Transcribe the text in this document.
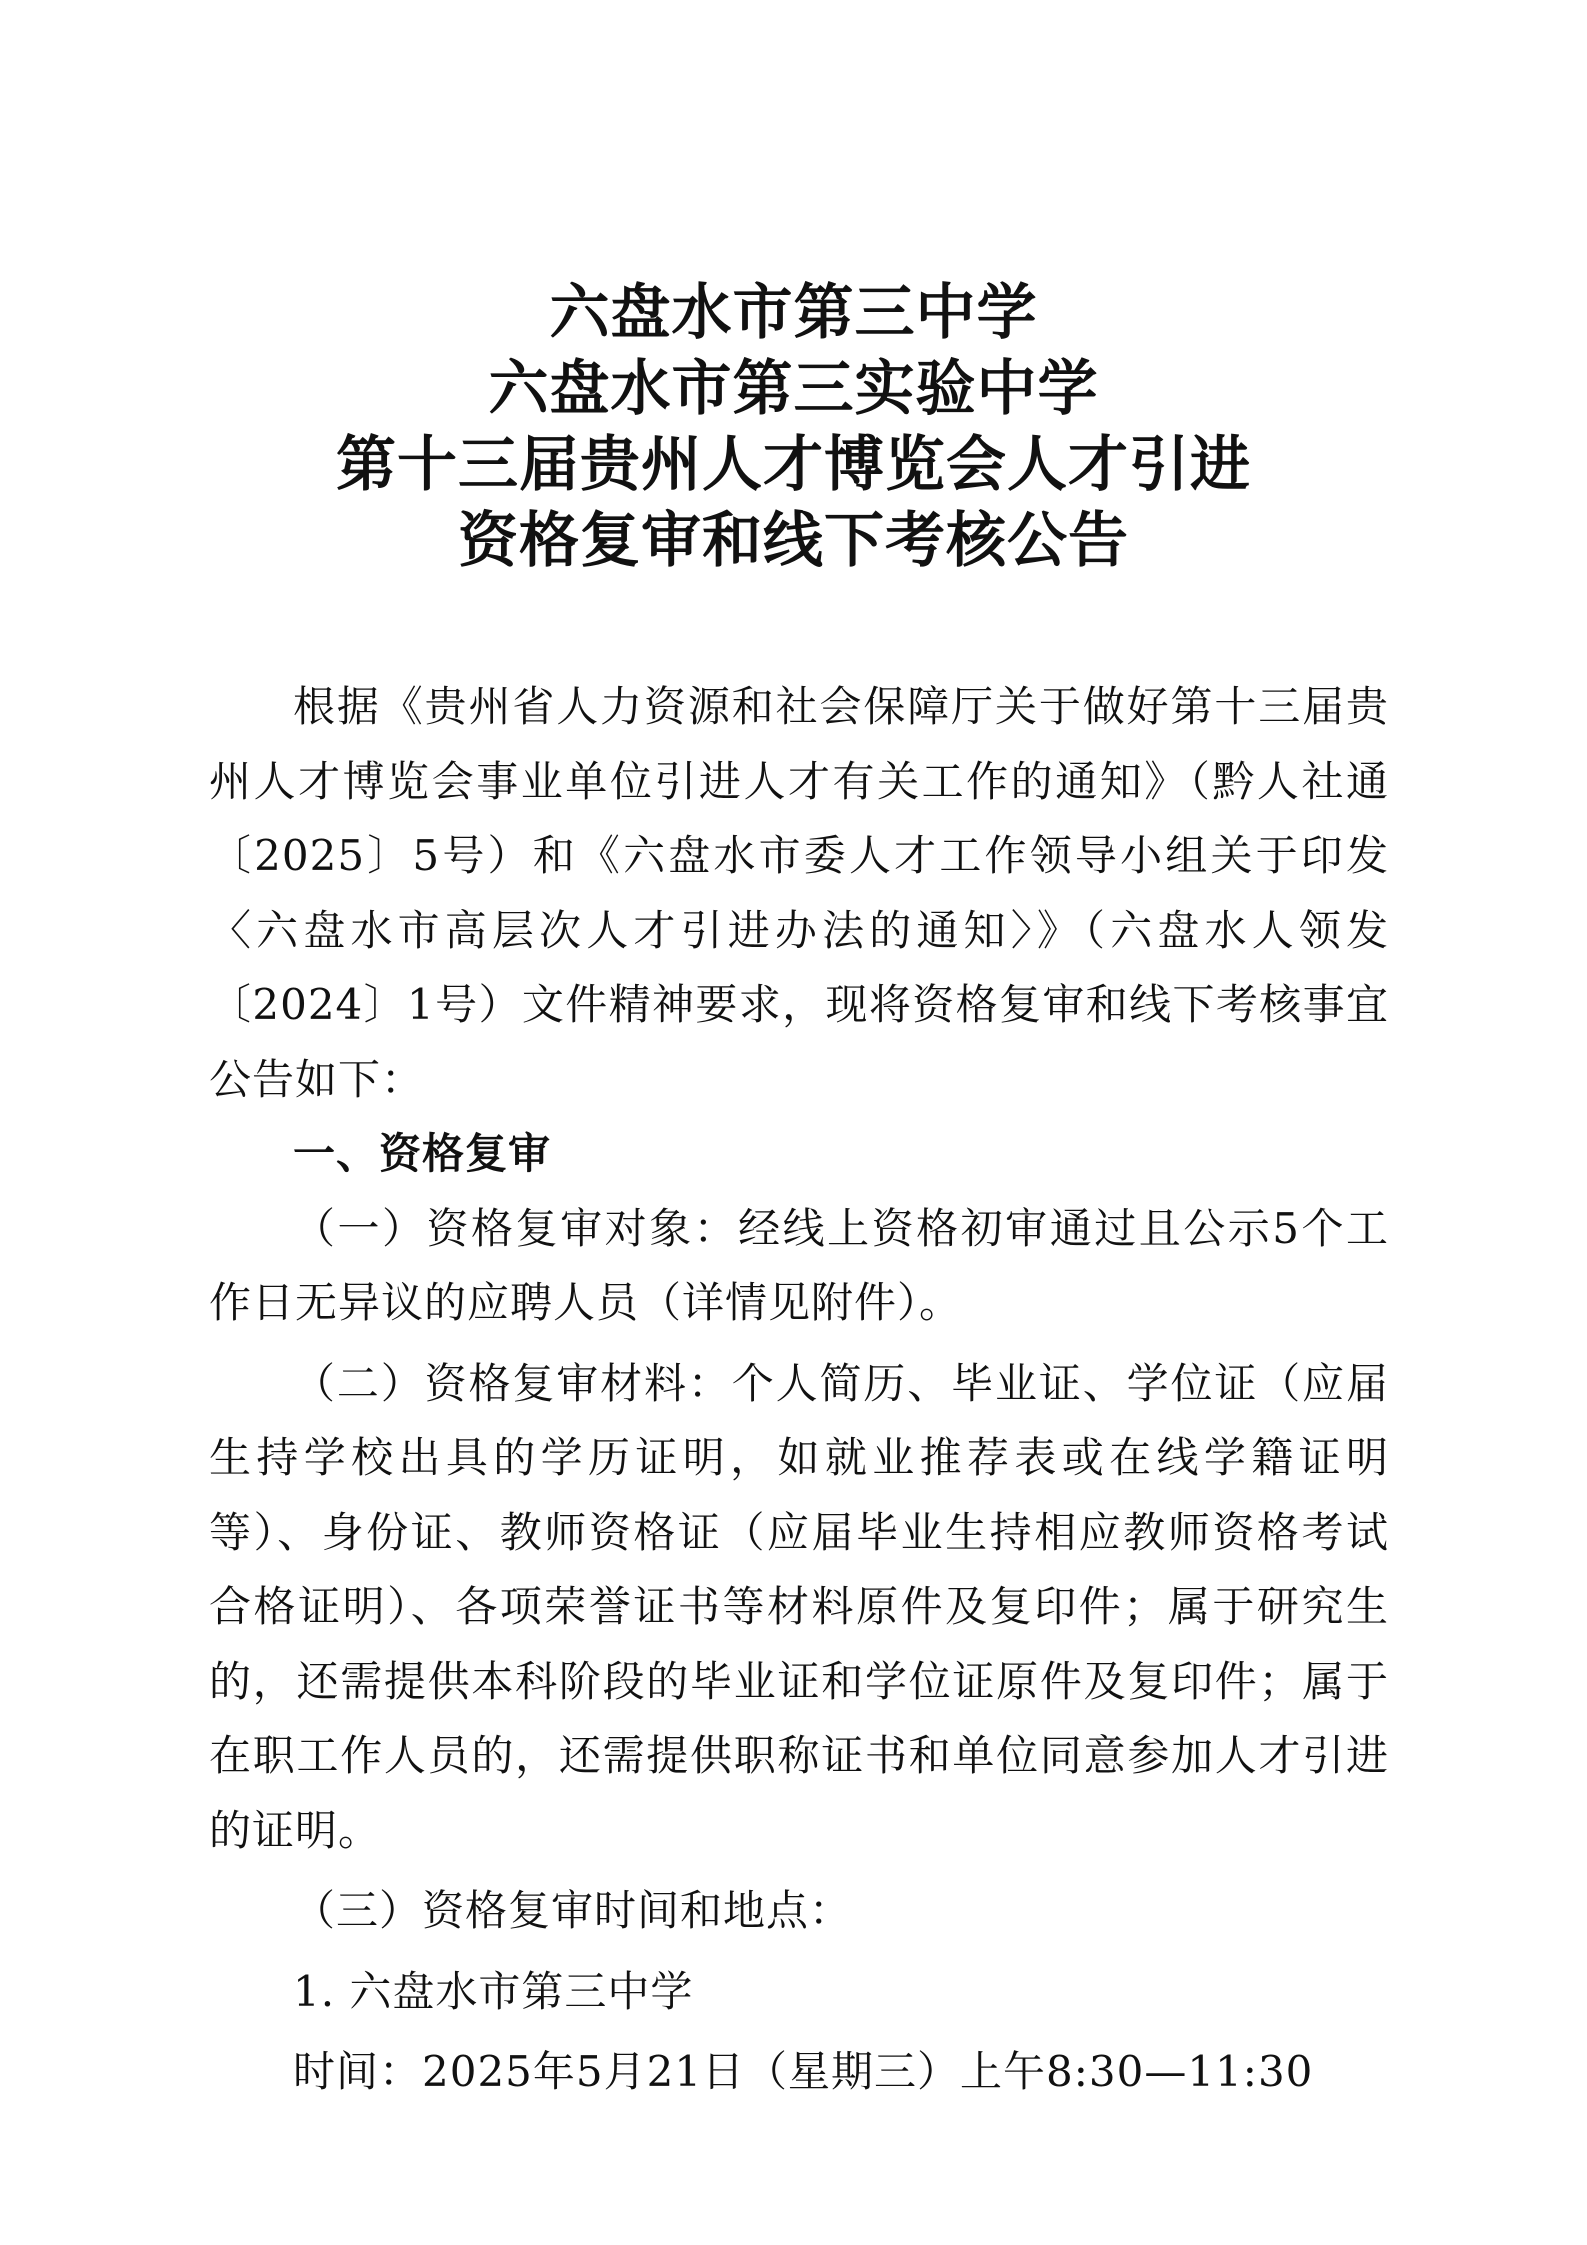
六盘水市第三中学
六盘水市第三实验中学
第十三届贵州人才博览会人才引进
资格复审和线下考核公告

根据《贵州省人力资源和社会保障厅关于做好第十三届贵州人才博览会事业单位引进人才有关工作的通知》（黔人社通〔2025〕5号）和《六盘水市委人才工作领导小组关于印发〈六盘水市高层次人才引进办法的通知〉》（六盘水人领发〔2024〕1号）文件精神要求，现将资格复审和线下考核事宜公告如下：

一、资格复审

（一）资格复审对象：经线上资格初审通过且公示5个工作日无异议的应聘人员（详情见附件）。

（二）资格复审材料：个人简历、毕业证、学位证（应届生持学校出具的学历证明，如就业推荐表或在线学籍证明等）、身份证、教师资格证（应届毕业生持相应教师资格考试合格证明）、各项荣誉证书等材料原件及复印件；属于研究生的，还需提供本科阶段的毕业证和学位证原件及复印件；属于在职工作人员的，还需提供职称证书和单位同意参加人才引进的证明。

（三）资格复审时间和地点：

1. 六盘水市第三中学

时间：2025年5月21日（星期三）上午8:30—11:30
